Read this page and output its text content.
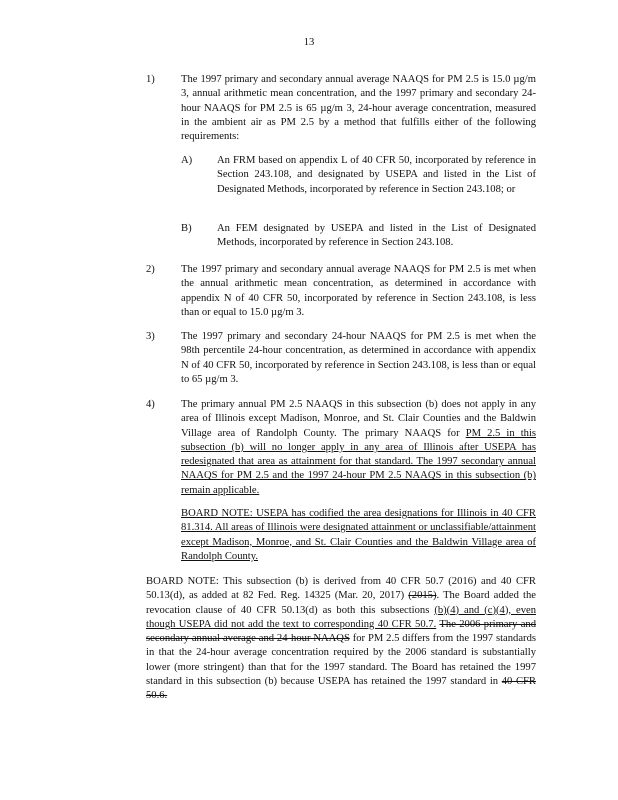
13
1) The 1997 primary and secondary annual average NAAQS for PM 2.5 is 15.0 µg/m 3, annual arithmetic mean concentration, and the 1997 primary and secondary 24-hour NAAQS for PM 2.5 is 65 µg/m 3, 24-hour average concentration, measured in the ambient air as PM 2.5 by a method that fulfills either of the following requirements:
A) An FRM based on appendix L of 40 CFR 50, incorporated by reference in Section 243.108, and designated by USEPA and listed in the List of Designated Methods, incorporated by reference in Section 243.108; or
B) An FEM designated by USEPA and listed in the List of Designated Methods, incorporated by reference in Section 243.108.
2) The 1997 primary and secondary annual average NAAQS for PM 2.5 is met when the annual arithmetic mean concentration, as determined in accordance with appendix N of 40 CFR 50, incorporated by reference in Section 243.108, is less than or equal to 15.0 µg/m 3.
3) The 1997 primary and secondary 24-hour NAAQS for PM 2.5 is met when the 98th percentile 24-hour concentration, as determined in accordance with appendix N of 40 CFR 50, incorporated by reference in Section 243.108, is less than or equal to 65 µg/m 3.
4) The primary annual PM 2.5 NAAQS in this subsection (b) does not apply in any area of Illinois except Madison, Monroe, and St. Clair Counties and the Baldwin Village area of Randolph County. The primary NAAQS for PM 2.5 in this subsection (b) will no longer apply in any area of Illinois after USEPA has redesignated that area as attainment for that standard. The 1997 secondary annual NAAQS for PM 2.5 and the 1997 24-hour PM 2.5 NAAQS in this subsection (b) remain applicable.
BOARD NOTE: USEPA has codified the area designations for Illinois in 40 CFR 81.314. All areas of Illinois were designated attainment or unclassifiable/attainment except Madison, Monroe, and St. Clair Counties and the Baldwin Village area of Randolph County.
BOARD NOTE: This subsection (b) is derived from 40 CFR 50.7 (2016) and 40 CFR 50.13(d), as added at 82 Fed. Reg. 14325 (Mar. 20, 2017) (2015). The Board added the revocation clause of 40 CFR 50.13(d) as both this subsections (b)(4) and (c)(4), even though USEPA did not add the text to corresponding 40 CFR 50.7. The 2006 primary and secondary annual average and 24-hour NAAQS for PM 2.5 differs from the 1997 standards in that the 24-hour average concentration required by the 2006 standard is substantially lower (more stringent) than that for the 1997 standard. The Board has retained the 1997 standard in this subsection (b) because USEPA has retained the 1997 standard in 40 CFR 50.6.
